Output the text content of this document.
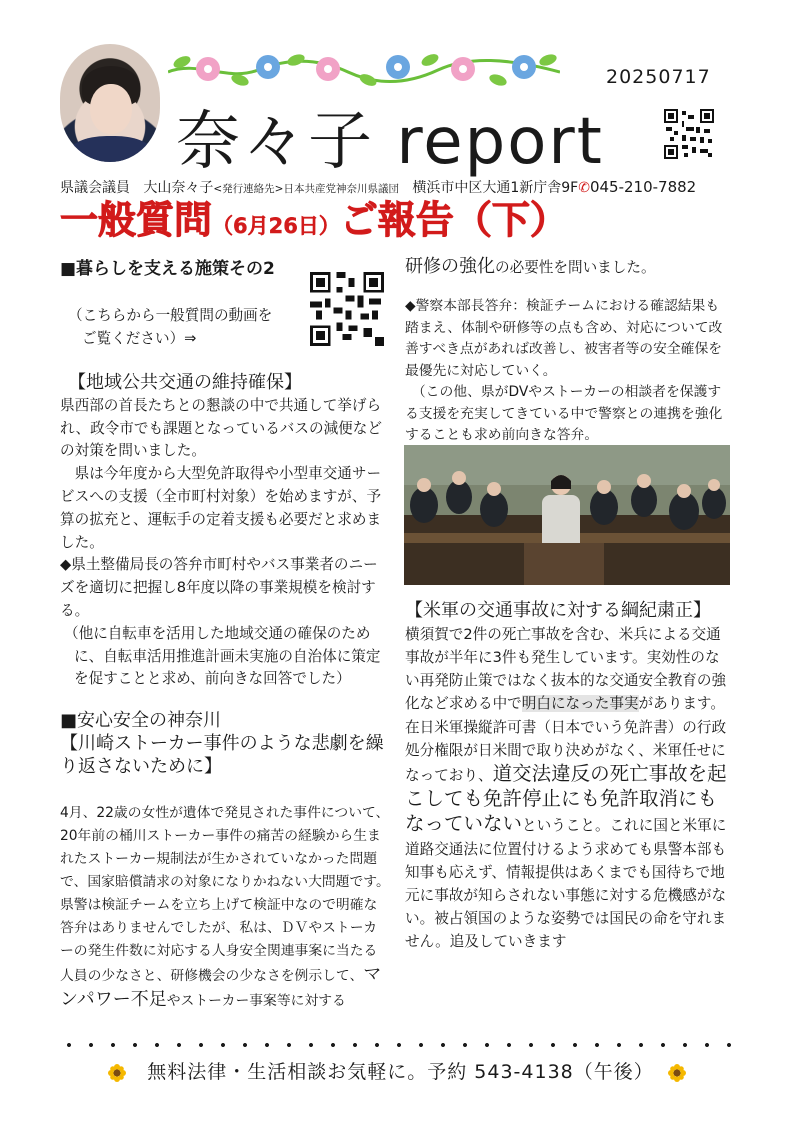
20250717
奈々子 report
県議会議員 大山奈々子<発行連絡先>日本共産党神奈川県議団 横浜市中区大通1新庁舎9F✆045-210-7882
一般質問（6月26日）ご報告（下）

■暮らしを支える施策その2

（こちらから一般質問の動画を

ご覧ください）⇒

【地域公共交通の維持確保】

県西部の首長たちとの懇談の中で共通して挙げられ、政令市でも課題となっているバスの減便などの対策を問いました。

県は今年度から大型免許取得や小型車交通サービスへの支援（全市町村対象）を始めますが、予算の拡充と、運転手の定着支援も必要だと求めました。

◆県土整備局長の答弁市町村やバス事業者のニーズを適切に把握し8年度以降の事業規模を検討する。

（他に自転車を活用した地域交通の確保のために、自転車活用推進計画未実施の自治体に策定を促すことと求め、前向きな回答でした）

■安心安全の神奈川

【川崎ストーカー事件のような悲劇を繰り返さないために】

4月、22歳の女性が遺体で発見された事件について、20年前の桶川ストーカー事件の痛苦の経験から生まれたストーカー規制法が生かされていなかった問題で、国家賠償請求の対象になりかねない大問題です。県警は検証チームを立ち上げて検証中なので明確な答弁はありませんでしたが、私は、ＤＶやストーカーの発生件数に対応する人身安全関連事案に当たる人員の少なさと、研修機会の少なさを例示して、マンパワー不足やストーカー事案等に対する

研修の強化の必要性を問いました。

◆警察本部長答弁：検証チームにおける確認結果も踏まえ、体制や研修等の点も含め、対応について改善すべき点があれば改善し、被害者等の安全確保を最優先に対応していく。

（この他、県がDVやストーカーの相談者を保護する支援を充実してきている中で警察との連携を強化することも求め前向きな答弁。

【米軍の交通事故に対する綱紀粛正】

横須賀で2件の死亡事故を含む、米兵による交通事故が半年に3件も発生しています。実効性のない再発防止策ではなく抜本的な交通安全教育の強化など求める中で明白になった事実があります。在日米軍操縦許可書（日本でいう免許書）の行政処分権限が日米間で取り決めがなく、米軍任せになっており、道交法違反の死亡事故を起こしても免許停止にも免許取消にもなっていないということ。これに国と米軍に道路交通法に位置付けるよう求めても県警本部も知事も応えず、情報提供はあくまでも国待ちで地元に事故が知らされない事態に対する危機感がない。被占領国のような姿勢では国民の命を守れません。追及していきます

無料法律・生活相談お気軽に。予約 543-4138（午後）
